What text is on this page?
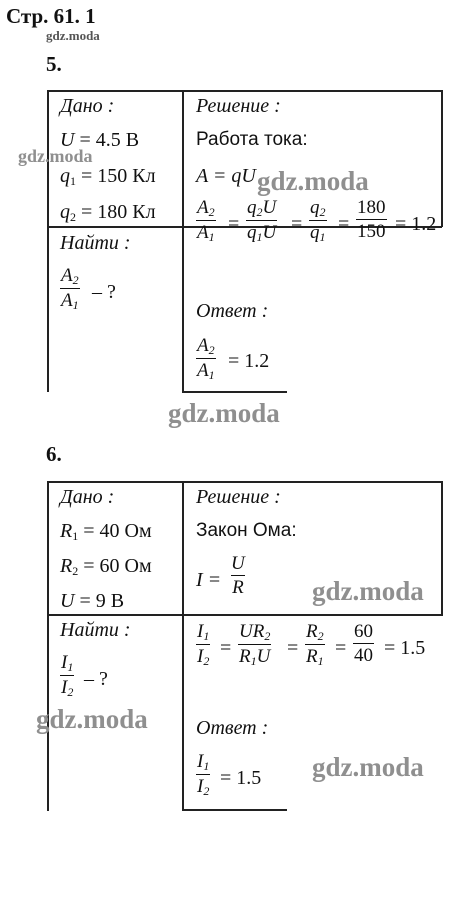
Стр. 61. 1
gdz.moda
5.
Дано :
U = 4.5 В
$q_1 = 150$ Кл
$q_2 = 180$ Кл
Найти :
$\frac{A_2}{A_1}$ – ?
Решение :
Работа тока:
A = qU
$\frac{A_2}{A_1} = \frac{q_2U}{q_1U} = \frac{q_2}{q_1} = \frac{180}{150} = 1.2$
Ответ :
$\frac{A_2}{A_1} = 1.2$
gdz.moda
gdz.moda
gdz.moda
6.
Дано :
$R_1 = 40$ Ом
$R_2 = 60$ Ом
U = 9 В
Найти :
$\frac{I_1}{I_2}$ – ?
Решение :
Закон Ома:
$I = \frac{U}{R}$
$\frac{I_1}{I_2} = \frac{UR_2}{R_1U} = \frac{R_2}{R_1} = \frac{60}{40} = 1.5$
Ответ :
$\frac{I_1}{I_2} = 1.5$
gdz.moda
gdz.moda
gdz.moda
